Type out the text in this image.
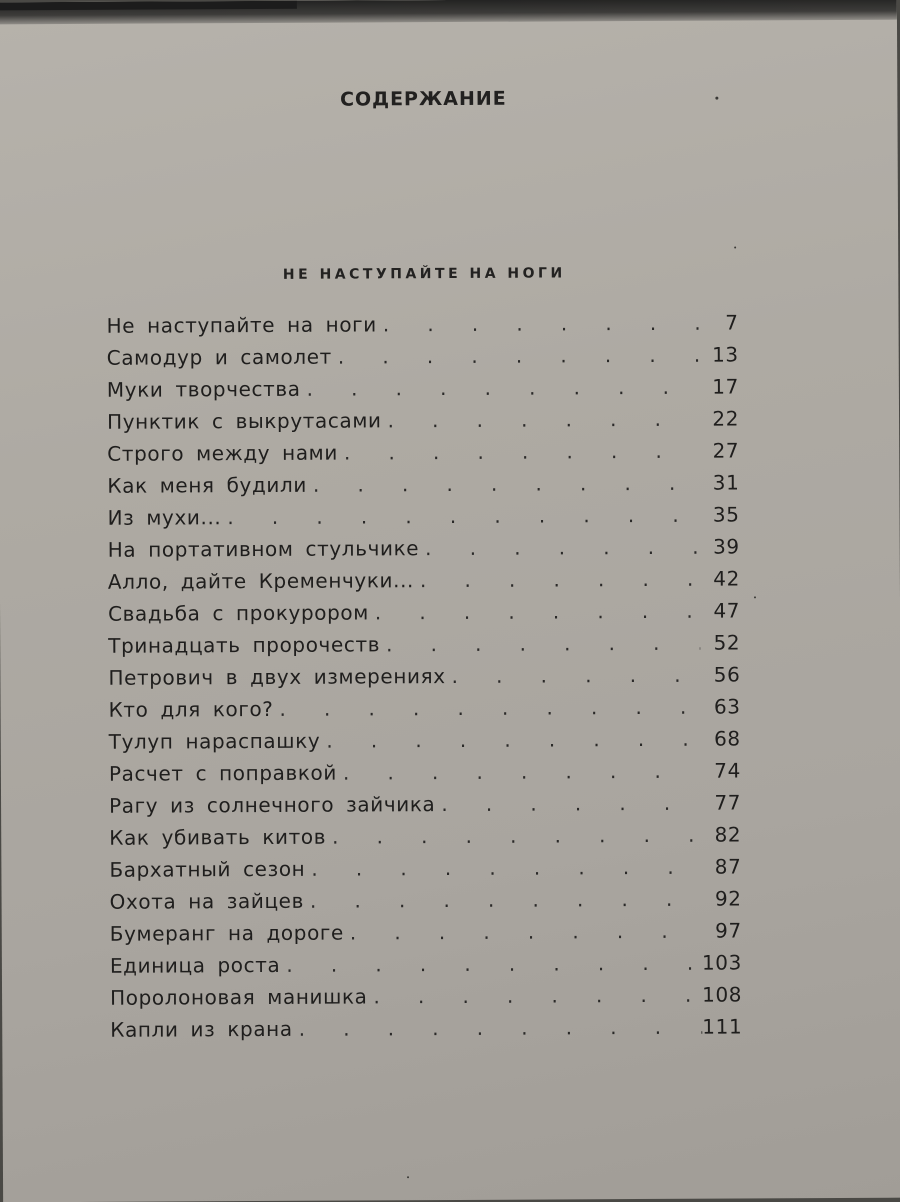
СОДЕРЖАНИЕ
НЕ НАСТУПАЙТЕ НА НОГИ
Не наступайте на ноги .	7
Самодур и самолет .	13
Муки творчества .	17
Пунктик с выкрутасами .	22
Строго между нами .	27
Как меня будили .	31
Из мухи... .	35
На портативном стульчике .	39
Алло, дайте Кременчуки... .	42
Свадьба с прокурором .	47
Тринадцать пророчеств .	52
Петрович в двух измерениях .	56
Кто для кого? .	63
Тулуп нараспашку .	68
Расчет с поправкой .	74
Рагу из солнечного зайчика .	77
Как убивать китов .	82
Бархатный сезон .	87
Охота на зайцев .	92
Бумеранг на дороге .	97
Единица роста .	103
Поролоновая манишка .	108
Капли из крана .	111
